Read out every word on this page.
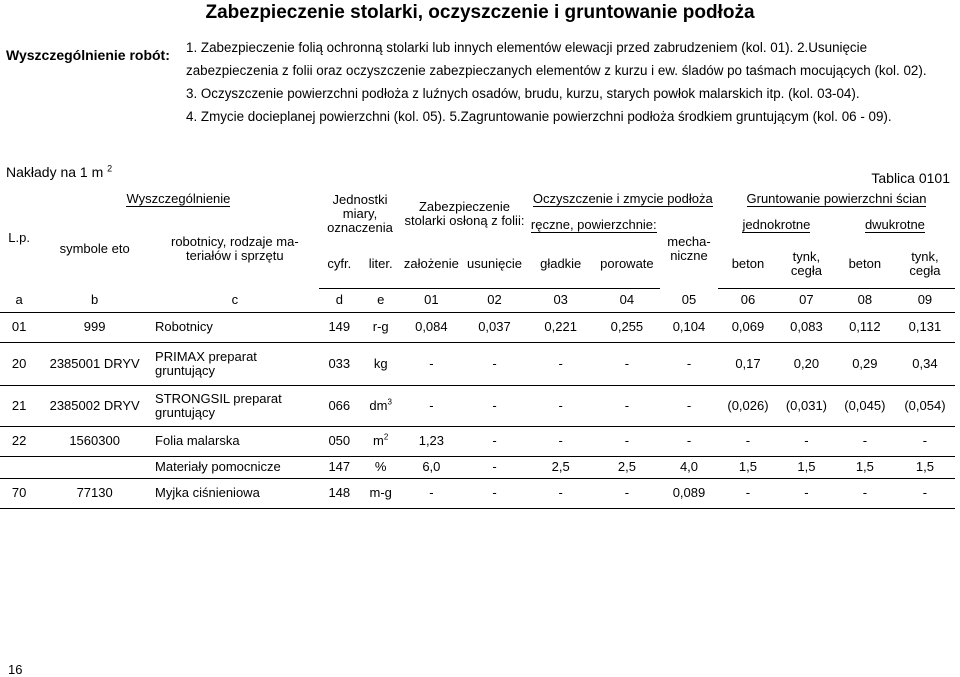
Zabezpieczenie stolarki, oczyszczenie i gruntowanie podłoża
Wyszczególnienie robót: 1. Zabezpieczenie folią ochronną stolarki lub innych elementów elewacji przed zabrudzeniem (kol. 01). 2.Usunięcie
zabezpieczenia z folii oraz oczyszczenie zabezpieczanych elementów z kurzu i ew. śladów po taśmach mocujących (kol. 02).
3. Oczyszczenie powierzchni podłoża z luźnych osadów, brudu, kurzu, starych powłok malarskich itp. (kol. 03-04).
4. Zmycie docieplanej powierzchni (kol. 05). 5.Zagruntowanie powierzchni podłoża środkiem gruntującym (kol. 06 - 09).
Nakłady na 1 m $^2$
Tablica 0101
L.p.	Wyszczególnienie		Jednostki miary, oznaczenia		Zabezpieczenie stolarki osłoną z folii:		Oczyszczenie i zmycie podłoża			Gruntowanie powierzchni ścian			
	symbole eto	robotnicy, rodzaje ma-teriałów i sprzętu					ręczne, powierzchnie:		mecha-niczne	jednokrotne		dwukrotne	
			cyfr.	liter.	założenie	usunięcie	gładkie	porowate		beton	tynk, cegła	beton	tynk, cegła
a	b	c	d	e	01	02	03	04	05	06	07	08	09
01	999	Robotnicy	149	r-g	0,084	0,037	0,221	0,255	0,104	0,069	0,083	0,112	0,131
20	2385001 DRYV	PRIMAX preparat gruntujący	033	kg	-	-	-	-	-	0,17	0,20	0,29	0,34
21	2385002 DRYV	STRONGSIL preparat gruntujący	066	$dm^3$	-	-	-	-	-	(0,026)	(0,031)	(0,045)	(0,054)
22	1560300	Folia malarska	050	$m^2$	1,23	-	-	-	-	-	-	-	-
		Materiały pomocnicze	147	%	6,0	-	2,5	2,5	4,0	1,5	1,5	1,5	1,5
70	77130	Myjka ciśnieniowa	148	m-g	-	-	-	-	0,089	-	-	-	-
16
